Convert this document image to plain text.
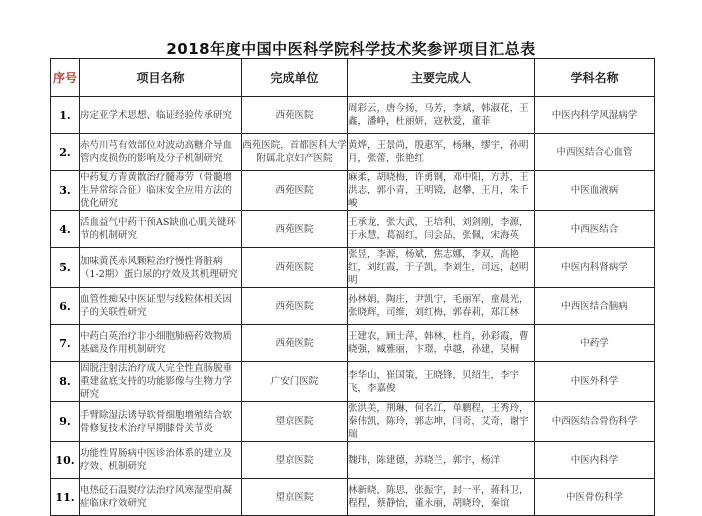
2018年度中国中医科学院科学技术奖参评项目汇总表
序号	项目名称	完成单位	主要完成人	学科名称
1.	房定亚学术思想、临证经验传承研究	西苑医院	周彩云，唐今扬，马芳，李斌，韩淑花，王鑫，潘峥，杜丽妍，寇秋爱，董菲	中医内科学风湿病学
2.	赤芍川芎有效部位对波动高糖介导血管内皮损伤的影响及分子机制研究	西苑医院，首都医科大学附属北京妇产医院	黄烨，王景尚，殷惠军，杨琳，缪宇，孙明月，张蕾，张艳红	中西医结合心血管
3.	中药复方青黄散治疗髓毒劳（骨髓增生异常综合征）临床安全应用方法的优化研究	西苑医院	麻柔，胡晓梅，许勇钢，邓中阳，方苏，王洪志，郭小青，王明镜，赵攀，王月，朱千峻	中医血液病
4.	活血益气中药干预AS缺血心肌关键环节的机制研究	西苑医院	王承龙，张大武，王培利，刘剑刚，李源，于永慧，葛福红，闫会品，张佩，宋海英	中西医结合
5.	加味黄芪赤风颗粒治疗慢性肾脏病（1-2期）蛋白尿的疗效及其机理研究	西苑医院	张昱，李源，杨斌，焦志娜，李双，高艳红，刘红霞，于子凯，李刘生，司远，赵明明	中医内科肾病学
6.	血管性痴呆中医证型与线粒体相关因子的关联性研究	西苑医院	孙林娟，陶庄，尹凯宁，毛丽军，童晨光，张晓辉，司维，刘红梅，郭春莉，郑江林	中西医结合脑病
7.	中药白英治疗非小细胞肺癌药效物质基础及作用机制研究	西苑医院	王建农，顾士萍，韩林，杜肖，孙彩霞，曹晓强，臧雅丽，卞璟，卓越，孙建，吴桐	中药学
8.	固脱注射法治疗成人完全性直肠脱垂重建盆底支持的功能影像与生物力学研究	广安门医院	李华山，崔国策，王晓锋，贝绍生，李宇飞，李嘉俊	中医外科学
9.	手臂除湿法诱导软骨细胞增殖结合软骨修复技术治疗早期膝骨关节炎	望京医院	张洪美，荆琳，何名江，单鹏程，王秀玲，秦伟凯，陈玲，郭志坤，闫奇，艾奇，谢宇瑞	中西医结合骨伤科学
10.	功能性胃肠病中医诊治体系的建立及疗效、机制研究	望京医院	魏玮，陈建德，苏晓兰，郭宇，杨洋	中医内科学
11.	电热砭石温熨疗法治疗风寒湿型肩凝症临床疗效研究	望京医院	林新晓，陈思，张振宇，封一平，蒋科卫，程程，蔡静怡，董永丽，胡晓玲，秦谊	中医骨伤科学
